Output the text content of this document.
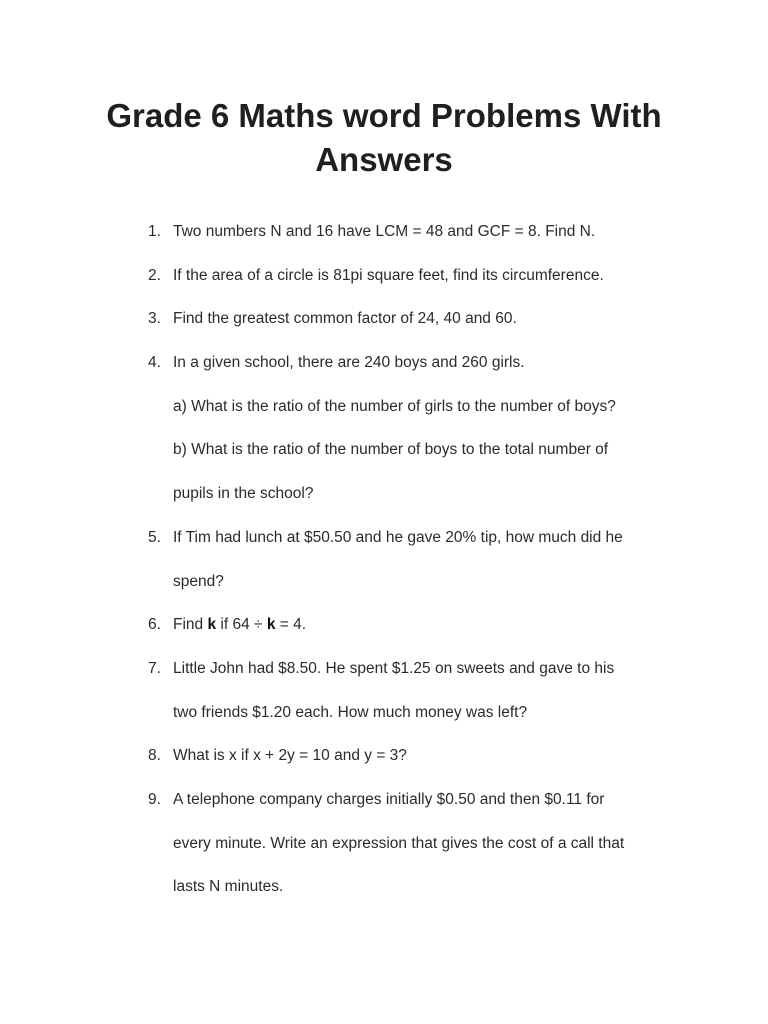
Grade 6 Maths word Problems With Answers
1. Two numbers N and 16 have LCM = 48 and GCF = 8. Find N.
2. If the area of a circle is 81pi square feet, find its circumference.
3. Find the greatest common factor of 24, 40 and 60.
4. In a given school, there are 240 boys and 260 girls.
a) What is the ratio of the number of girls to the number of boys?
b) What is the ratio of the number of boys to the total number of
pupils in the school?
5. If Tim had lunch at $50.50 and he gave 20% tip, how much did he
spend?
6. Find k if 64 ÷ k = 4.
7. Little John had $8.50. He spent $1.25 on sweets and gave to his
two friends $1.20 each. How much money was left?
8. What is x if x + 2y = 10 and y = 3?
9. A telephone company charges initially $0.50 and then $0.11 for
every minute. Write an expression that gives the cost of a call that
lasts N minutes.
